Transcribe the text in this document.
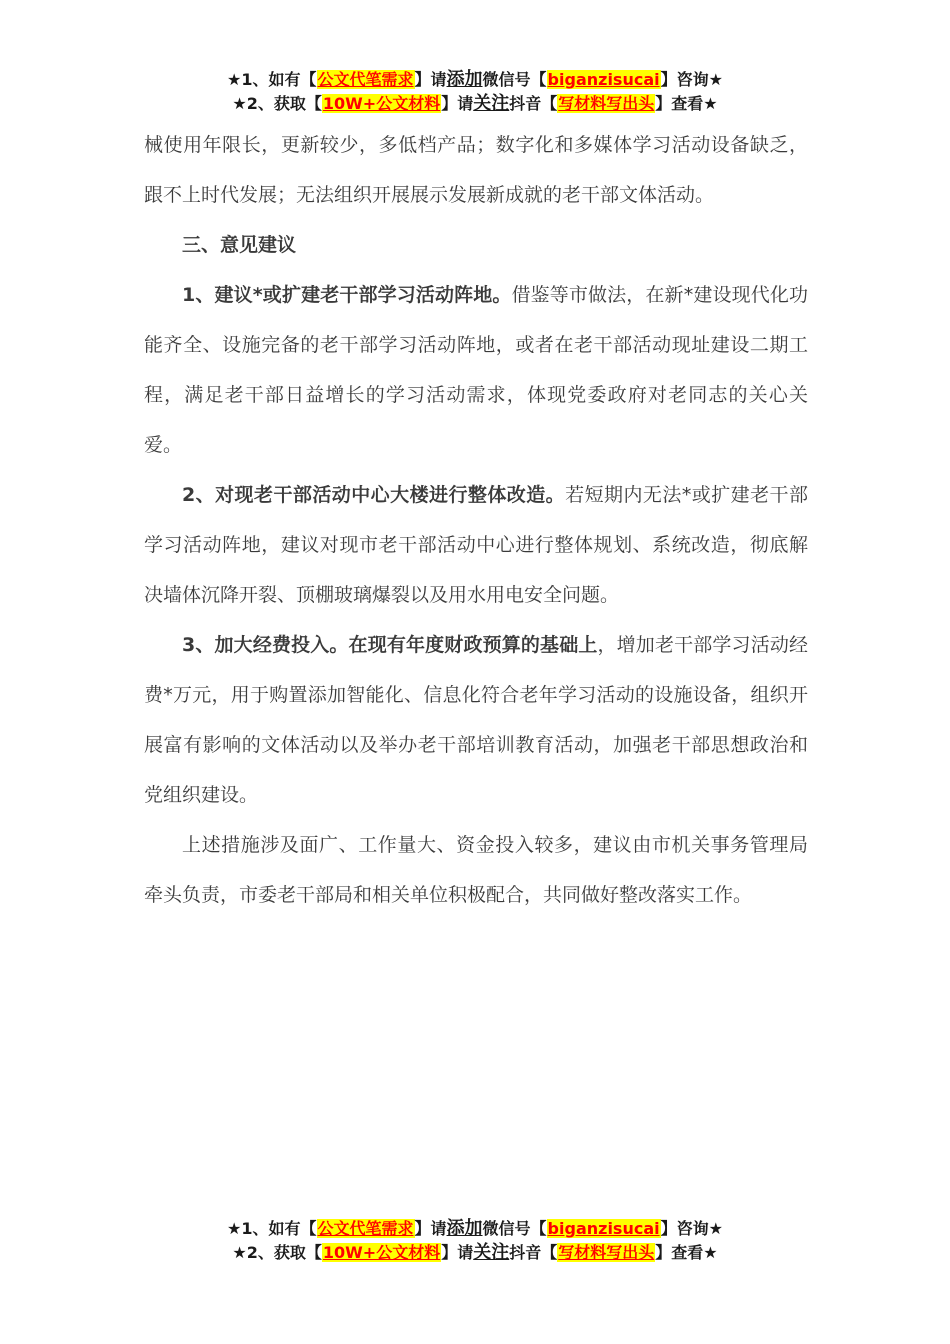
★1、如有【公文代笔需求】请添加微信号【biganzisucai】咨询★
★2、获取【10W+公文材料】请关注抖音【写材料写出头】查看★

械使用年限长，更新较少，多低档产品；数字化和多媒体学习活动设备缺乏，跟不上时代发展；无法组织开展展示发展新成就的老干部文体活动。

三、意见建议

1、建议*或扩建老干部学习活动阵地。借鉴等市做法，在新*建设现代化功能齐全、设施完备的老干部学习活动阵地，或者在老干部活动现址建设二期工程，满足老干部日益增长的学习活动需求，体现党委政府对老同志的关心关爱。

2、对现老干部活动中心大楼进行整体改造。若短期内无法*或扩建老干部学习活动阵地，建议对现市老干部活动中心进行整体规划、系统改造，彻底解决墙体沉降开裂、顶棚玻璃爆裂以及用水用电安全问题。

3、加大经费投入。在现有年度财政预算的基础上，增加老干部学习活动经费*万元，用于购置添加智能化、信息化符合老年学习活动的设施设备，组织开展富有影响的文体活动以及举办老干部培训教育活动，加强老干部思想政治和党组织建设。

上述措施涉及面广、工作量大、资金投入较多，建议由市机关事务管理局牵头负责，市委老干部局和相关单位积极配合，共同做好整改落实工作。

★1、如有【公文代笔需求】请添加微信号【biganzisucai】咨询★
★2、获取【10W+公文材料】请关注抖音【写材料写出头】查看★
